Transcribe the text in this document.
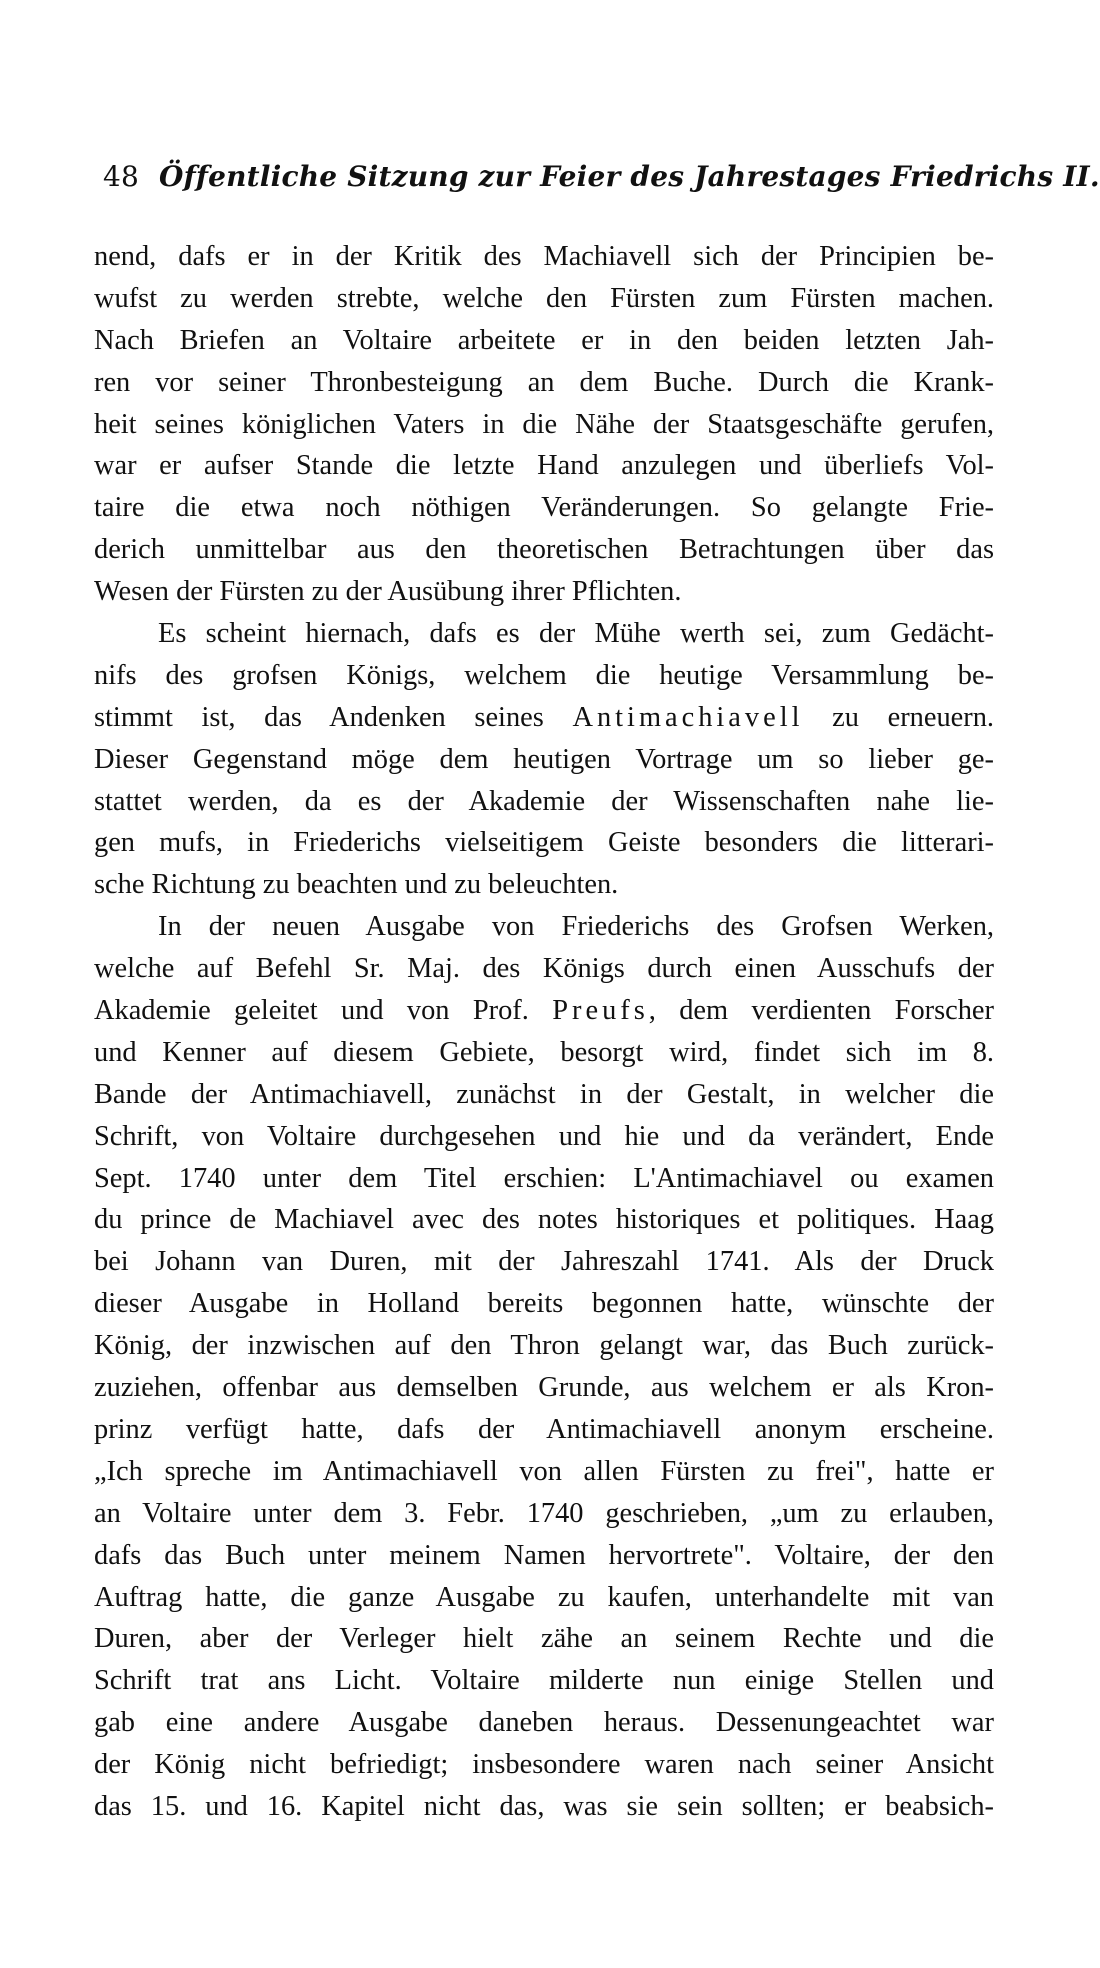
48 Öffentliche Sitzung zur Feier des Jahrestages Friedrichs II.
nend, dafs er in der Kritik des Machiavell sich der Principien be-
wufst zu werden strebte, welche den Fürsten zum Fürsten machen.
Nach Briefen an Voltaire arbeitete er in den beiden letzten Jah-
ren vor seiner Thronbesteigung an dem Buche. Durch die Krank-
heit seines königlichen Vaters in die Nähe der Staatsgeschäfte gerufen,
war er aufser Stande die letzte Hand anzulegen und überliefs Vol-
taire die etwa noch nöthigen Veränderungen. So gelangte Frie-
derich unmittelbar aus den theoretischen Betrachtungen über das
Wesen der Fürsten zu der Ausübung ihrer Pflichten.
Es scheint hiernach, dafs es der Mühe werth sei, zum Gedächt-
nifs des grofsen Königs, welchem die heutige Versammlung be-
stimmt ist, das Andenken seines Antimachiavell zu erneuern.
Dieser Gegenstand möge dem heutigen Vortrage um so lieber ge-
stattet werden, da es der Akademie der Wissenschaften nahe lie-
gen mufs, in Friederichs vielseitigem Geiste besonders die litterari-
sche Richtung zu beachten und zu beleuchten.
In der neuen Ausgabe von Friederichs des Grofsen Werken,
welche auf Befehl Sr. Maj. des Königs durch einen Ausschufs der
Akademie geleitet und von Prof. Preufs, dem verdienten Forscher
und Kenner auf diesem Gebiete, besorgt wird, findet sich im 8.
Bande der Antimachiavell, zunächst in der Gestalt, in welcher die
Schrift, von Voltaire durchgesehen und hie und da verändert, Ende
Sept. 1740 unter dem Titel erschien: L'Antimachiavel ou examen
du prince de Machiavel avec des notes historiques et politiques. Haag
bei Johann van Duren, mit der Jahreszahl 1741. Als der Druck
dieser Ausgabe in Holland bereits begonnen hatte, wünschte der
König, der inzwischen auf den Thron gelangt war, das Buch zurück-
zuziehen, offenbar aus demselben Grunde, aus welchem er als Kron-
prinz verfügt hatte, dafs der Antimachiavell anonym erscheine.
„Ich spreche im Antimachiavell von allen Fürsten zu frei", hatte er
an Voltaire unter dem 3. Febr. 1740 geschrieben, „um zu erlauben,
dafs das Buch unter meinem Namen hervortrete". Voltaire, der den
Auftrag hatte, die ganze Ausgabe zu kaufen, unterhandelte mit van
Duren, aber der Verleger hielt zähe an seinem Rechte und die
Schrift trat ans Licht. Voltaire milderte nun einige Stellen und
gab eine andere Ausgabe daneben heraus. Dessenungeachtet war
der König nicht befriedigt; insbesondere waren nach seiner Ansicht
das 15. und 16. Kapitel nicht das, was sie sein sollten; er beabsich-
